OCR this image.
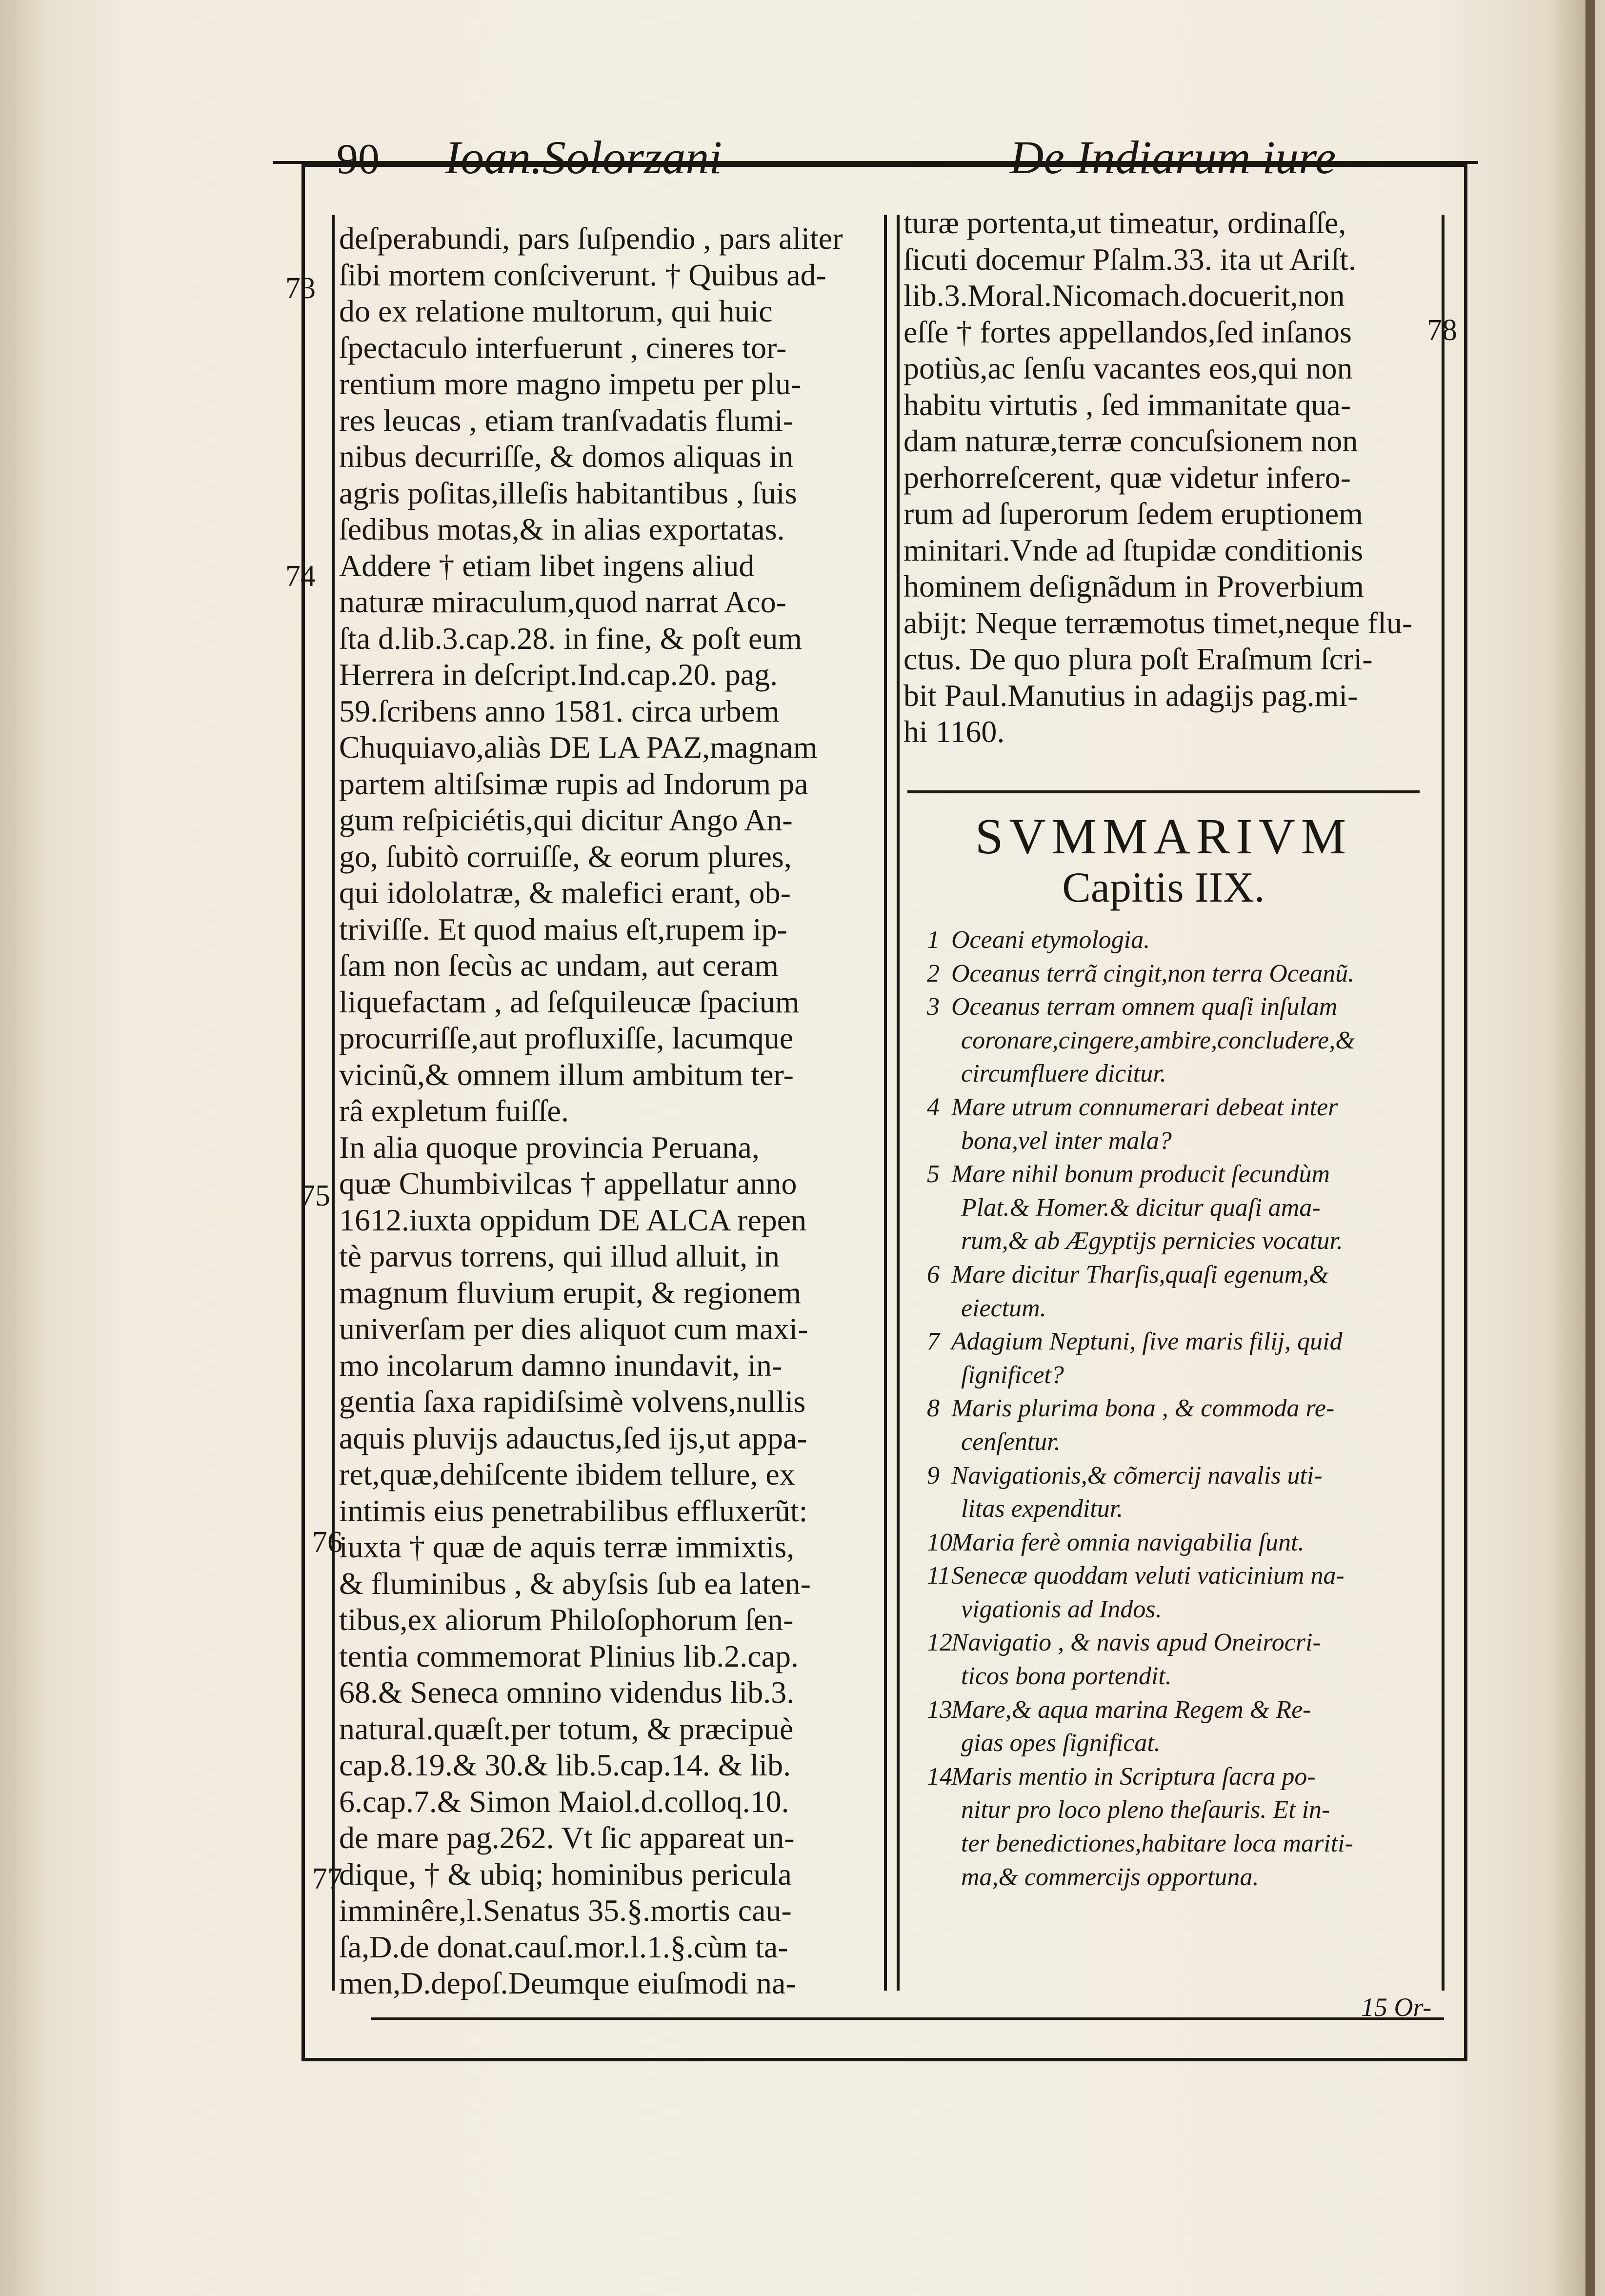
90 Ioan.Solorzani	De Indiarum iure
deſperabundi, pars ſuſpendio , pars aliter
ſibi mortem conſciverunt. † Quibus ad-
do ex relatione multorum, qui huic
ſpectaculo interfuerunt , cineres tor-
rentium more magno impetu per plu-
res leucas , etiam tranſvadatis flumi-
nibus decurriſſe, & domos aliquas in
agris poſitas,illeſis habitantibus , ſuis
ſedibus motas,& in alias exportatas.
Addere † etiam libet ingens aliud
naturæ miraculum,quod narrat Aco-
ſta d.lib.3.cap.28. in fine, & poſt eum
Herrera in deſcript.Ind.cap.20. pag.
59.ſcribens anno 1581. circa urbem
Chuquiavo,aliàs DE LA PAZ,magnam
partem altiſsimæ rupis ad Indorum pa
gum reſpiciétis,qui dicitur Ango An-
go, ſubitò corruiſſe, & eorum plures,
qui idololatræ, & malefici erant, ob-
triviſſe. Et quod maius eſt,rupem ip-
ſam non ſecùs ac undam, aut ceram
liquefactam , ad ſeſquileucæ ſpacium
procurriſſe,aut profluxiſſe, lacumque
vicinũ,& omnem illum ambitum ter-
râ expletum fuiſſe.
In alia quoque provincia Peruana,
quæ Chumbivilcas † appellatur anno
1612.iuxta oppidum DE ALCA repen
tè parvus torrens, qui illud alluit, in
magnum fluvium erupit, & regionem
univerſam per dies aliquot cum maxi-
mo incolarum damno inundavit, in-
gentia ſaxa rapidiſsimè volvens,nullis
aquis pluvijs adauctus,ſed ijs,ut appa-
ret,quæ,dehiſcente ibidem tellure, ex
intimis eius penetrabilibus effluxerũt:
iuxta † quæ de aquis terræ immixtis,
& fluminibus , & abyſsis ſub ea laten-
tibus,ex aliorum Philoſophorum ſen-
tentia commemorat Plinius lib.2.cap.
68.& Seneca omnino videndus lib.3.
natural.quæſt.per totum, & præcipuè
cap.8.19.& 30.& lib.5.cap.14. & lib.
6.cap.7.& Simon Maiol.d.colloq.10.
de mare pag.262. Vt ſic appareat un-
dique, † & ubiq; hominibus pericula
imminêre,l.Senatus 35.§.mortis cau-
ſa,D.de donat.cauſ.mor.l.1.§.cùm ta-
men,D.depoſ.Deumque eiuſmodi na-
turæ portenta,ut timeatur, ordinaſſe,
ſicuti docemur Pſalm.33. ita ut Ariſt.
lib.3.Moral.Nicomach.docuerit,non
eſſe † fortes appellandos,ſed inſanos
potiùs,ac ſenſu vacantes eos,qui non
habitu virtutis , ſed immanitate qua-
dam naturæ,terræ concuſsionem non
perhorreſcerent, quæ videtur infero-
rum ad ſuperorum ſedem eruptionem
minitari.Vnde ad ſtupidæ conditionis
hominem deſignãdum in Proverbium
abijt: Neque terræmotus timet,neque flu-
ctus. De quo plura poſt Eraſmum ſcri-
bit Paul.Manutius in adagijs pag.mi-
hi 1160.
73
74
75
76
77
78
SVMMARIVM
Capitis IIX.
1 Oceani etymologia.
2 Oceanus terrã cingit,non terra Oceanũ.
3 Oceanus terram omnem quaſi inſulam
coronare,cingere,ambire,concludere,&
circumfluere dicitur.
4 Mare utrum connumerari debeat inter
bona,vel inter mala?
5 Mare nihil bonum producit ſecundùm
Plat.& Homer.& dicitur quaſi ama-
rum,& ab Ægyptijs pernicies vocatur.
6 Mare dicitur Tharſis,quaſi egenum,&
eiectum.
7 Adagium Neptuni, ſive maris filij, quid
ſignificet?
8 Maris plurima bona , & commoda re-
cenſentur.
9 Navigationis,& cõmercij navalis uti-
litas expenditur.
10Maria ferè omnia navigabilia ſunt.
11Senecæ quoddam veluti vaticinium na-
vigationis ad Indos.
12Navigatio , & navis apud Oneirocri-
ticos bona portendit.
13Mare,& aqua marina Regem & Re-
gias opes ſignificat.
14Maris mentio in Scriptura ſacra po-
nitur pro loco pleno theſauris. Et in-
ter benedictiones,habitare loca mariti-
ma,& commercijs opportuna.
15 Or-
